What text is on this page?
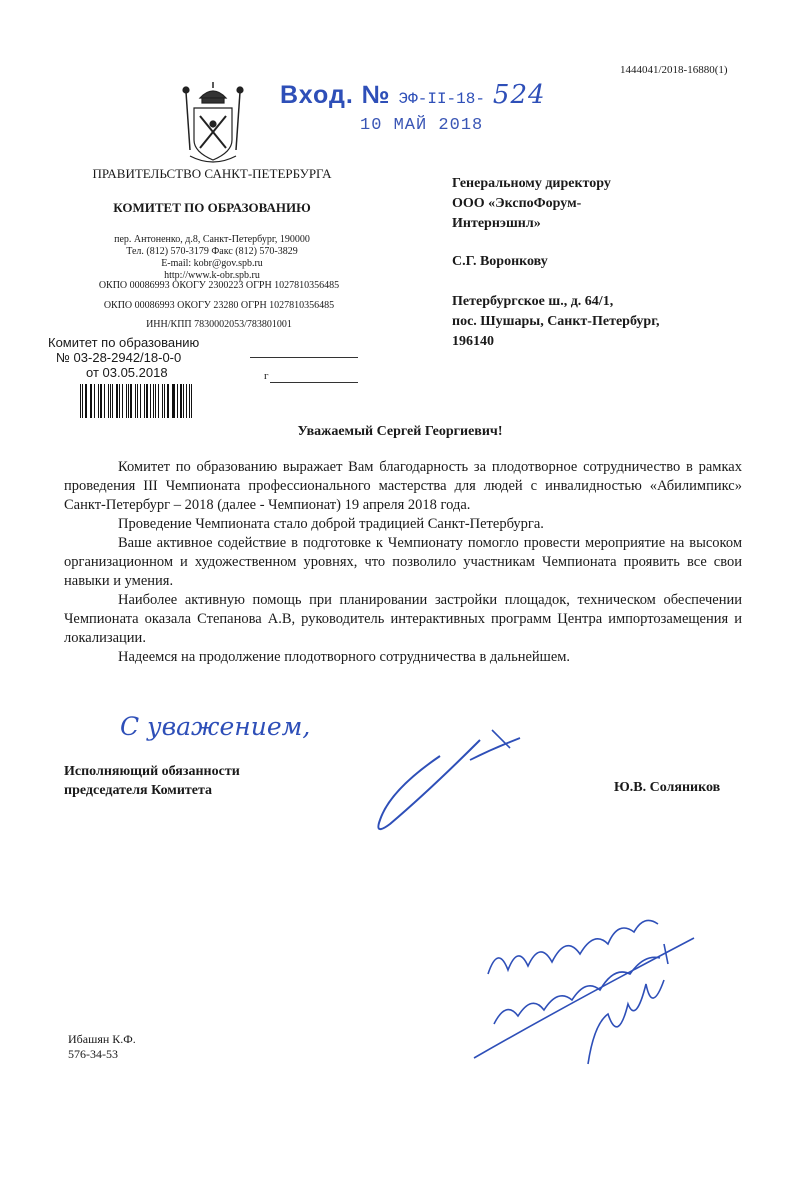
1444041/2018-16880(1)
Вход. № ЭФ-II-18- 524
10 МАЙ 2018
ПРАВИТЕЛЬСТВО САНКТ-ПЕТЕРБУРГА
КОМИТЕТ ПО ОБРАЗОВАНИЮ
пер. Антоненко, д.8, Санкт-Петербург, 190000
Тел. (812) 570-3179 Факс (812) 570-3829
E-mail: kobr@gov.spb.ru
http://www.k-obr.spb.ru
ОКПО 00086993 ОКОГУ 2300223 ОГРН 1027810356485
ОКПО 00086993 ОКОГУ 23280 ОГРН 1027810356485
ИНН/КПП 7830002053/783801001
Комитет по образованию
№ 03-28-2942/18-0-0
от 03.05.2018	г
Генеральному директору
ООО «ЭкспоФорум-
Интернэшнл»
С.Г. Воронкову
Петербургское ш., д. 64/1,
пос. Шушары, Санкт-Петербург,
196140
Уважаемый Сергей Георгиевич!

Комитет по образованию выражает Вам благодарность за плодотворное сотрудничество в рамках проведения III Чемпионата профессионального мастерства для людей с инвалидностью «Абилимпикс» Санкт-Петербург – 2018 (далее - Чемпионат) 19 апреля 2018 года.

Проведение Чемпионата стало доброй традицией Санкт-Петербурга.

Ваше активное содействие в подготовке к Чемпионату помогло провести мероприятие на высоком организационном и художественном уровнях, что позволило участникам Чемпионата проявить все свои навыки и умения.

Наиболее активную помощь при планировании застройки площадок, техническом обеспечении Чемпионата оказала Степанова А.В, руководитель интерактивных программ Центра импортозамещения и локализации.

Надеемся на продолжение плодотворного сотрудничества в дальнейшем.

С уважением,
Исполняющий обязанности
председателя Комитета	Ю.В. Соляников
Ибашян К.Ф.
576-34-53
